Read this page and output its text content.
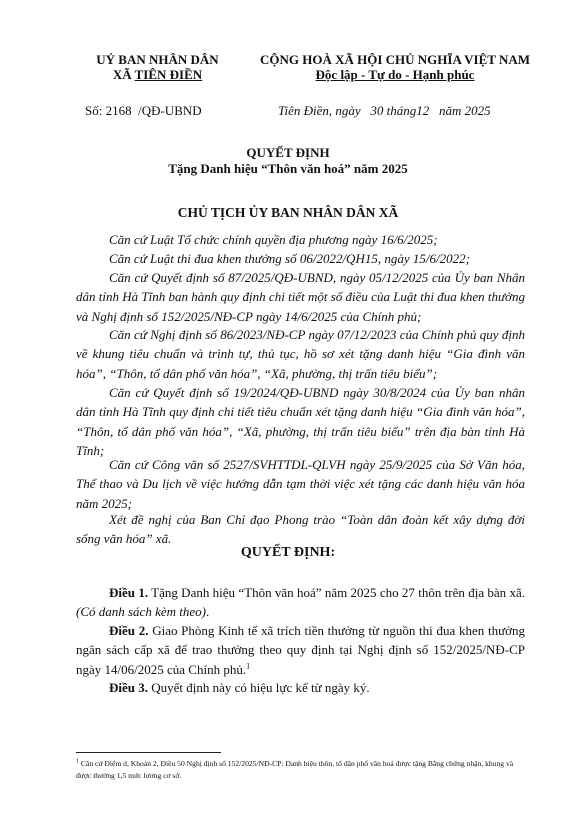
UỶ BAN NHÂN DÂN
XÃ TIÊN ĐIỀN
CỘNG HOÀ XÃ HỘI CHỦ NGHĨA VIỆT NAM
Độc lập - Tự do - Hạnh phúc
Số: 2168 /QĐ-UBND	Tiên Điền, ngày   30 tháng12   năm 2025
QUYẾT ĐỊNH
Tặng Danh hiệu “Thôn văn hoá” năm 2025
CHỦ TỊCH ỦY BAN NHÂN DÂN XÃ
Căn cứ Luật Tổ chức chính quyền địa phương ngày 16/6/2025;
Căn cứ Luật thi đua khen thưởng số 06/2022/QH15, ngày 15/6/2022;
Căn cứ Quyết định số 87/2025/QĐ-UBND, ngày 05/12/2025 của Ủy ban Nhân dân tỉnh Hà Tĩnh ban hành quy định chi tiết một số điều của Luật thi đua khen thưởng và Nghị định số 152/2025/NĐ-CP ngày 14/6/2025 của Chính phủ;
Căn cứ Nghị định số 86/2023/NĐ-CP ngày 07/12/2023 của Chính phủ quy định về khung tiêu chuẩn và trình tự, thủ tục, hồ sơ xét tặng danh hiệu “Gia đình văn hóa”, “Thôn, tổ dân phố văn hóa”, “Xã, phường, thị trấn tiêu biểu”;
Căn cứ Quyết định số 19/2024/QĐ-UBND ngày 30/8/2024 của Ủy ban nhân dân tỉnh Hà Tĩnh quy định chi tiết tiêu chuẩn xét tặng danh hiệu “Gia đình văn hóa”, “Thôn, tổ dân phố văn hóa”, “Xã, phường, thị trấn tiêu biểu” trên địa bàn tỉnh Hà Tĩnh;
Căn cứ Công văn số 2527/SVHTTDL-QLVH ngày 25/9/2025 của Sở Văn hóa, Thể thao và Du lịch về việc hướng dẫn tạm thời việc xét tặng các danh hiệu văn hóa năm 2025;
Xét đề nghị của Ban Chỉ đạo Phong trào “Toàn dân đoàn kết xây dựng đời sống văn hóa” xã.
QUYẾT ĐỊNH:
Điều 1. Tặng Danh hiệu “Thôn văn hoá” năm 2025 cho 27 thôn trên địa bàn xã. (Có danh sách kèm theo).
Điều 2. Giao Phòng Kinh tế xã trích tiền thưởng từ nguồn thi đua khen thưởng ngân sách cấp xã để trao thưởng theo quy định tại Nghị định số 152/2025/NĐ-CP ngày 14/06/2025 của Chính phủ.$^1$
Điều 3. Quyết định này có hiệu lực kể từ ngày ký.
$^1$ Căn cứ Điểm d, Khoản 2, Điều 50 Nghị định số 152/2025/NĐ-CP: Danh hiệu thôn, tổ dân phố văn hoá được tặng Bằng chứng nhận, khung và được thưởng 1,5 mức lương cơ sở.
